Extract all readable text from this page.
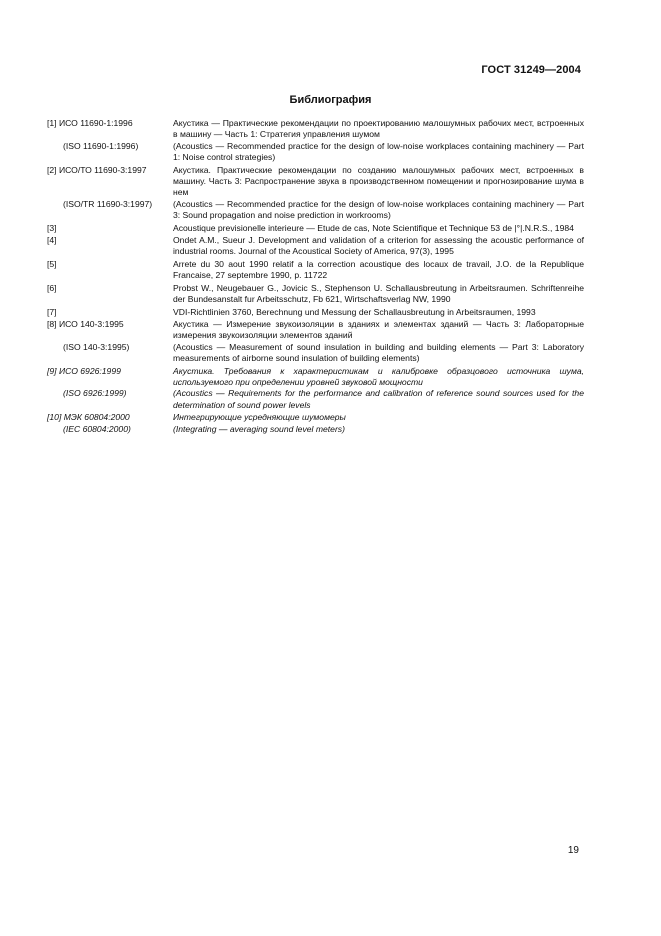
ГОСТ 31249—2004
Библиография
[1] ИСО 11690-1:1996	Акустика — Практические рекомендации по проектированию малошумных рабочих мест, встроенных в машину — Часть 1: Стратегия управления шумом
(ISO 11690-1:1996)	(Acoustics — Recommended practice for the design of low-noise workplaces containing machinery — Part 1: Noise control strategies)
[2] ИСО/ТО 11690-3:1997	Акустика. Практические рекомендации по созданию малошумных рабочих мест, встроенных в машину. Часть 3: Распространение звука в производственном помещении и прогнозирование шума в нем
(ISO/TR 11690-3:1997)	(Acoustics — Recommended practice for the design of low-noise workplaces containing machinery — Part 3: Sound propagation and noise prediction in workrooms)
[3]	Acoustique previsionelle interieure — Etude de cas, Note Scientifique et Technique 53 de |°|.N.R.S., 1984
[4]	Ondet A.M., Sueur J. Development and validation of a criterion for assessing the acoustic performance of industrial rooms. Journal of the Acoustical Society of America, 97(3), 1995
[5]	Arrete du 30 aout 1990 relatif a la correction acoustique des locaux de travail, J.O. de la Republique Francaise, 27 septembre 1990, p. 11722
[6]	Probst W., Neugebauer G., Jovicic S., Stephenson U. Schallausbreutung in Arbeitsraumen. Schriftenreihe der Bundesanstalt fur Arbeitsschutz, Fb 621, Wirtschaftsverlag NW, 1990
[7]	VDI-Richtlinien 3760, Berechnung und Messung der Schallausbreutung in Arbeitsraumen, 1993
[8] ИСО 140-3:1995	Акустика — Измерение звукоизоляции в зданиях и элементах зданий — Часть 3: Лабораторные измерения звукоизоляции элементов зданий
(ISO 140-3:1995)	(Acoustics — Measurement of sound insulation in building and building elements — Part 3: Laboratory measurements of airborne sound insulation of building elements)
[9] ИСО 6926:1999	Акустика. Требования к характеристикам и калибровке образцового источника шума, используемого при определении уровней звуковой мощности
(ISO 6926:1999)	(Acoustics — Requirements for the performance and calibration of reference sound sources used for the determination of sound power levels
[10] МЭК 60804:2000	Интегрирующие усредняющие шумомеры
(IEC 60804:2000)	(Integrating — averaging sound level meters)
19
